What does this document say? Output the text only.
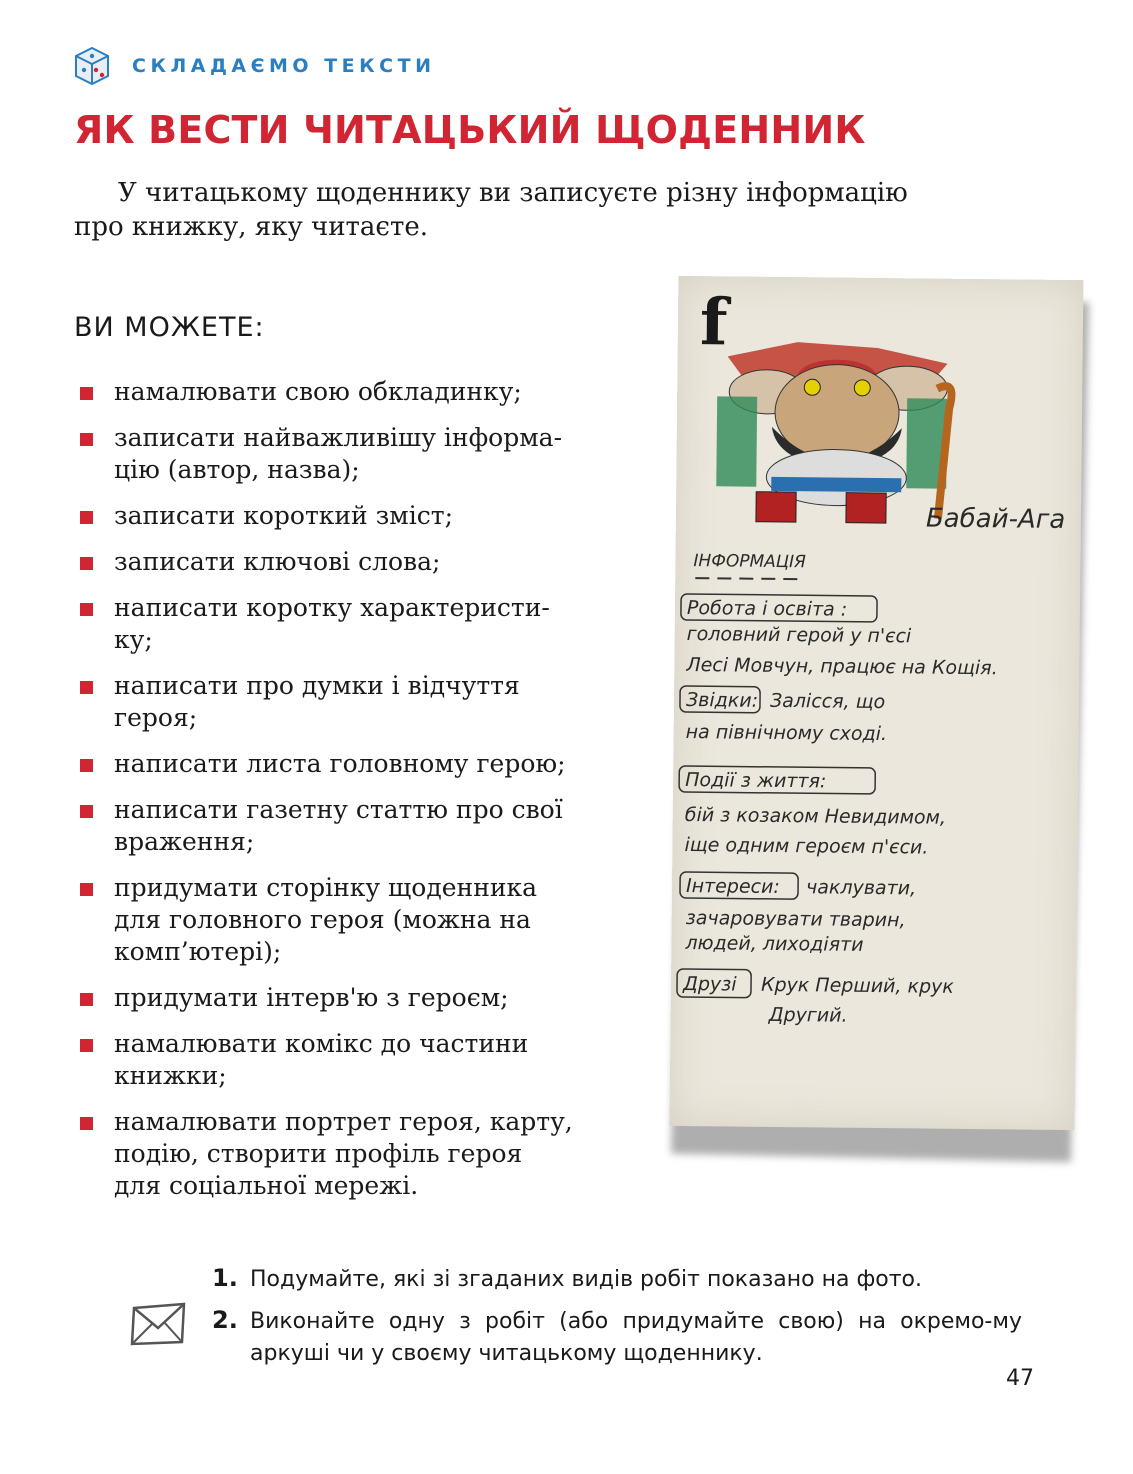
СКЛАДАЄМО ТЕКСТИ
ЯК ВЕСТИ ЧИТАЦЬКИЙ ЩОДЕННИК

У читацькому щоденнику ви записуєте різну інформацію
про книжку, яку читаєте.

ВИ МОЖЕТЕ:
намалювати свою обкладинку;
записати найважливішу інформа-
цію (автор, назва);
записати короткий зміст;
записати ключові слова;
написати коротку характеристи-
ку;
написати про думки і відчуття
героя;
написати листа головному герою;
написати газетну статтю про свої
враження;
придумати сторінку щоденника
для головного героя (можна на
комп’ютері);
придумати інтерв'ю з героєм;
намалювати комікс до частини
книжки;
намалювати портрет героя, карту,
подію, створити профіль героя
для соціальної мережі.
f
Бабай-Ага
ІНФОРМАЦІЯ
Робота і освіта :
головний герой у п'єсі
Лесі Мовчун, працює на Кощія.
Звідки: Залісся, що
на північному сході.
Події з життя:
бій з козаком Невидимом,
іще одним героєм п'єси.
Інтереси: чаклувати,
зачаровувати тварин,
людей, лиходіяти
Друзі Крук Перший, крук
Другий.
1. Подумайте, які зі згаданих видів робіт показано на фото.
2. Виконайте одну з робіт (або придумайте свою) на окремо-му аркуші чи у своєму читацькому щоденнику.
47
